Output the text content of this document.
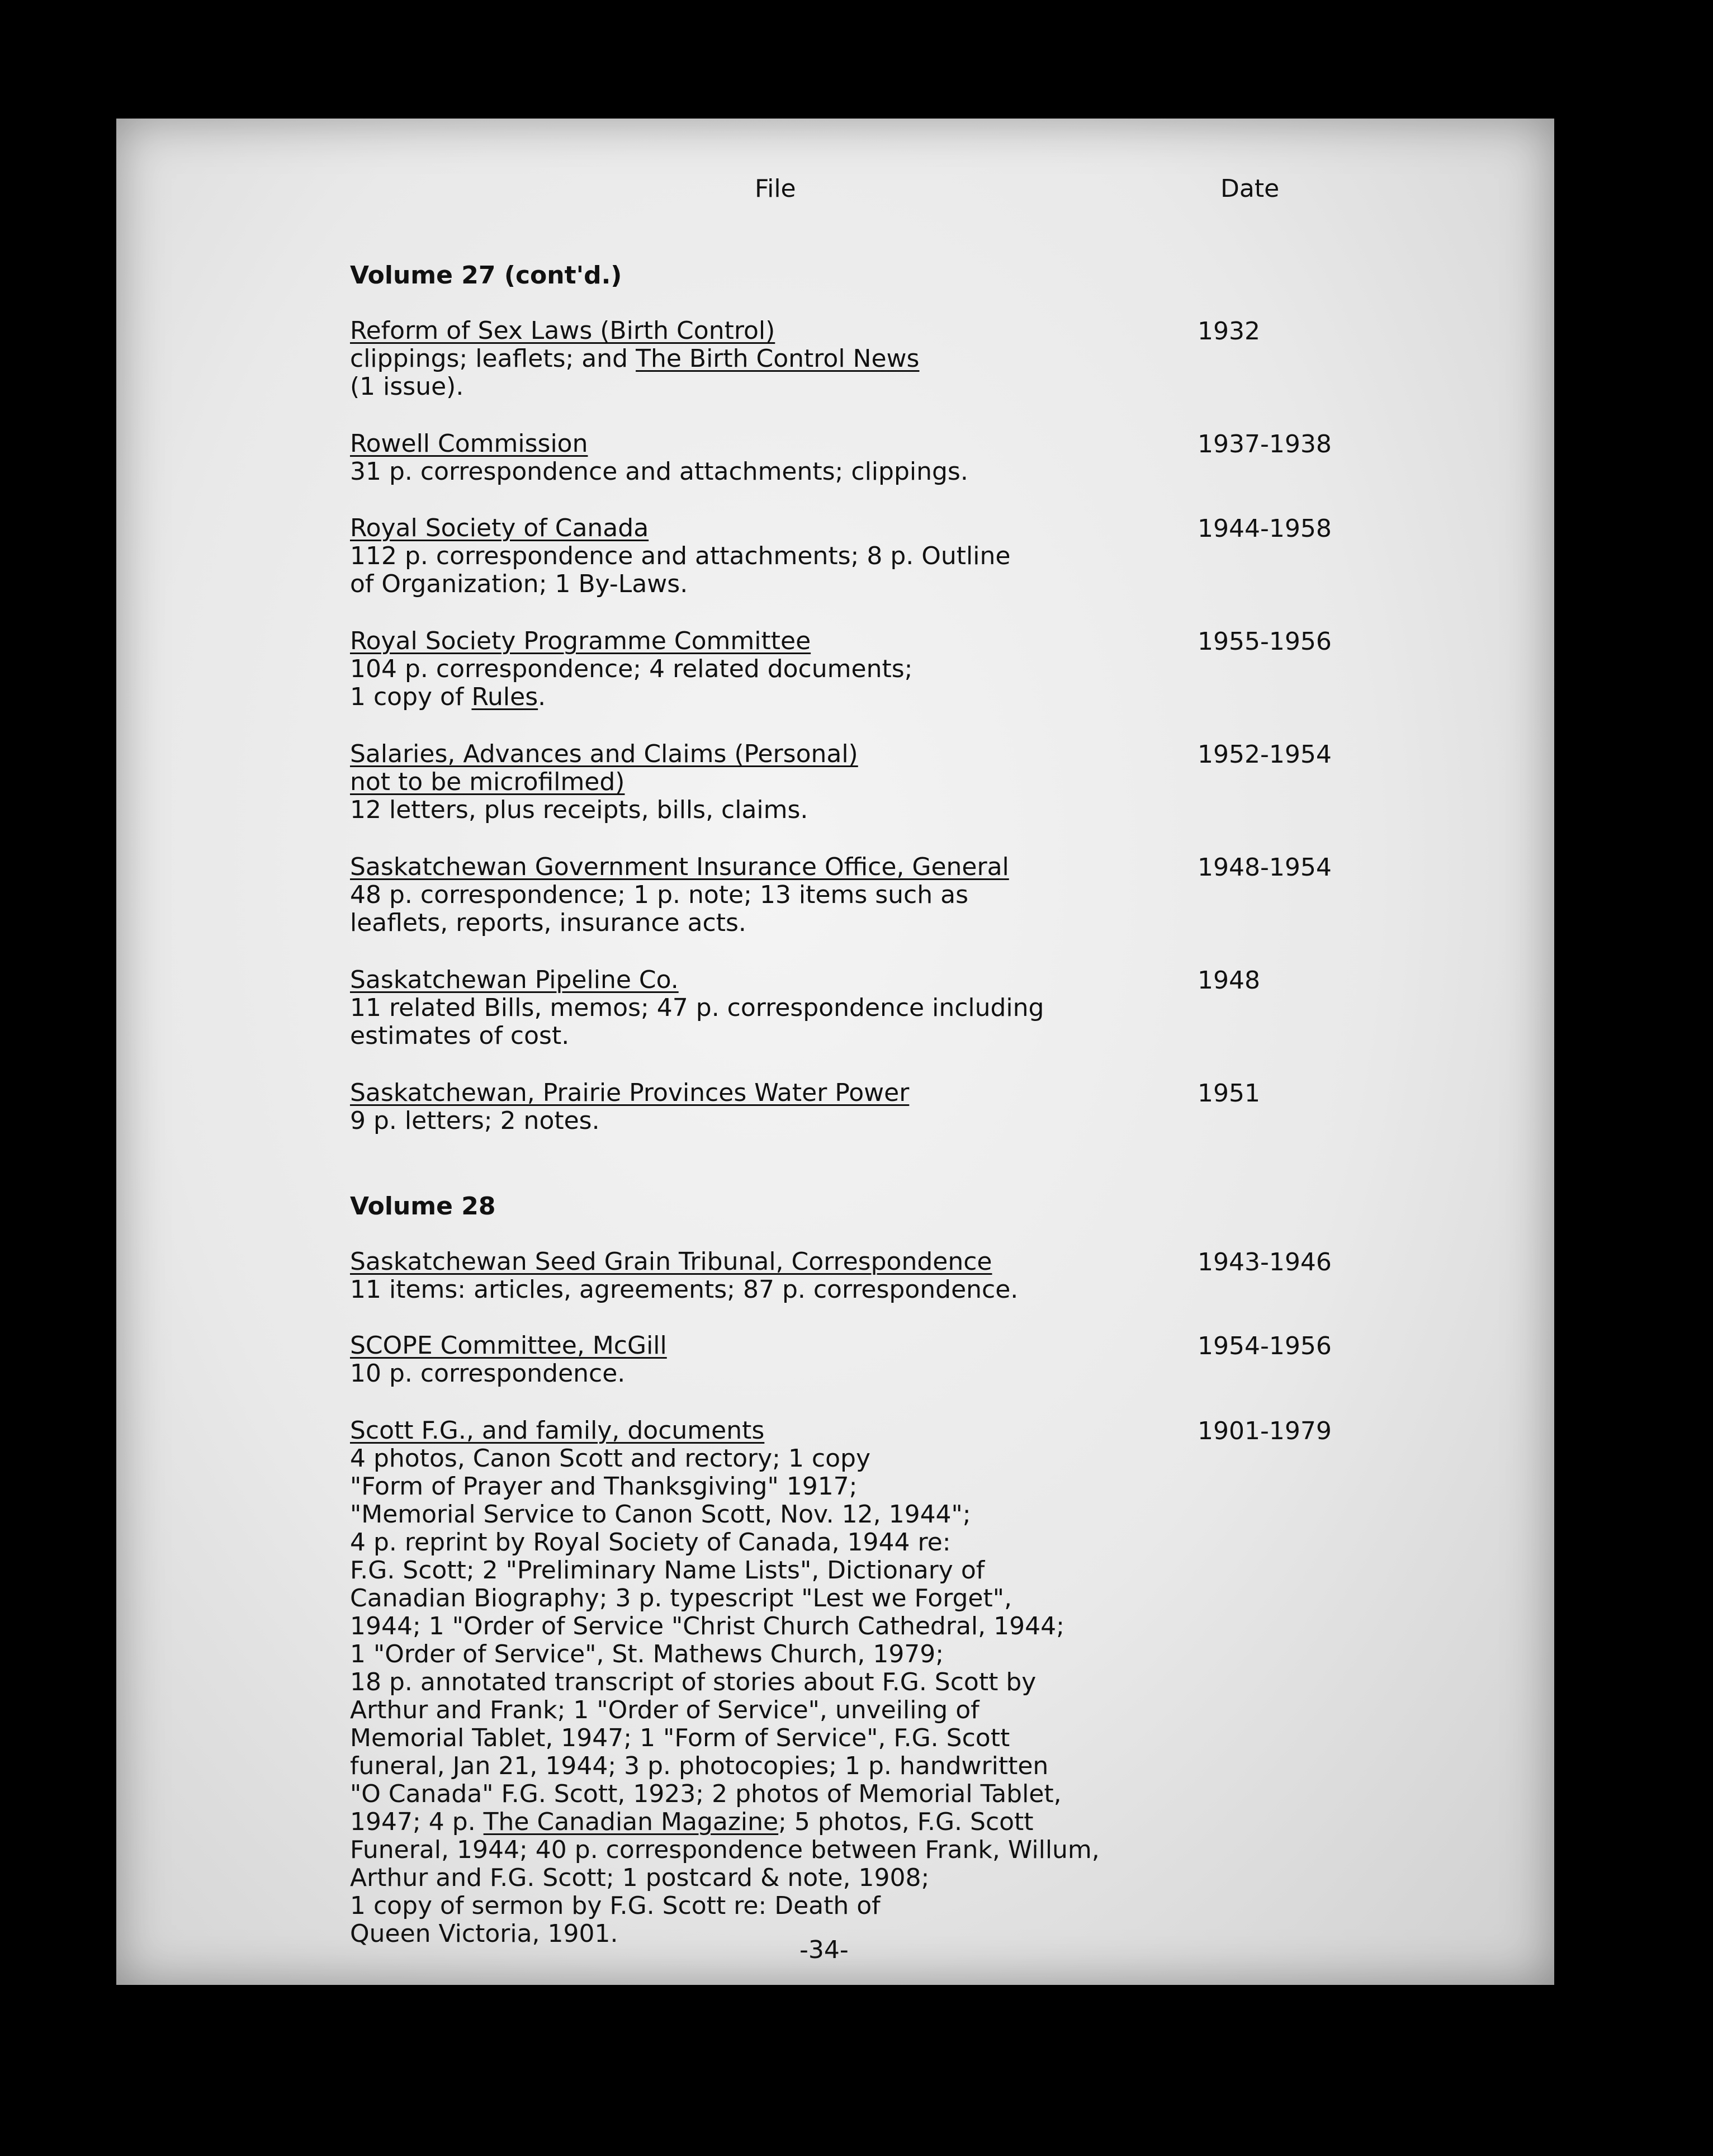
File	Date
Volume 27 (cont'd.)
Reform of Sex Laws (Birth Control)
clippings; leaflets; and The Birth Control News
(1 issue).
1932
Rowell Commission
31 p. correspondence and attachments; clippings.
1937-1938
Royal Society of Canada
112 p. correspondence and attachments; 8 p. Outline
of Organization; 1 By-Laws.
1944-1958
Royal Society Programme Committee
104 p. correspondence; 4 related documents;
1 copy of Rules.
1955-1956
Salaries, Advances and Claims (Personal)
not to be microfilmed)
12 letters, plus receipts, bills, claims.
1952-1954
Saskatchewan Government Insurance Office, General
48 p. correspondence; 1 p. note; 13 items such as
leaflets, reports, insurance acts.
1948-1954
Saskatchewan Pipeline Co.
11 related Bills, memos; 47 p. correspondence including
estimates of cost.
1948
Saskatchewan, Prairie Provinces Water Power
9 p. letters; 2 notes.
1951
Volume 28
Saskatchewan Seed Grain Tribunal, Correspondence
11 items: articles, agreements; 87 p. correspondence.
1943-1946
SCOPE Committee, McGill
10 p. correspondence.
1954-1956
Scott F.G., and family, documents
4 photos, Canon Scott and rectory; 1 copy
"Form of Prayer and Thanksgiving" 1917;
"Memorial Service to Canon Scott, Nov. 12, 1944";
4 p. reprint by Royal Society of Canada, 1944 re:
F.G. Scott; 2 "Preliminary Name Lists", Dictionary of
Canadian Biography; 3 p. typescript "Lest we Forget",
1944; 1 "Order of Service "Christ Church Cathedral, 1944;
1 "Order of Service", St. Mathews Church, 1979;
18 p. annotated transcript of stories about F.G. Scott by
Arthur and Frank; 1 "Order of Service", unveiling of
Memorial Tablet, 1947; 1 "Form of Service", F.G. Scott
funeral, Jan 21, 1944; 3 p. photocopies; 1 p. handwritten
"O Canada" F.G. Scott, 1923; 2 photos of Memorial Tablet,
1947; 4 p. The Canadian Magazine; 5 photos, F.G. Scott
Funeral, 1944; 40 p. correspondence between Frank, Willum,
Arthur and F.G. Scott; 1 postcard & note, 1908;
1 copy of sermon by F.G. Scott re: Death of
Queen Victoria, 1901.
1901-1979
-34-
